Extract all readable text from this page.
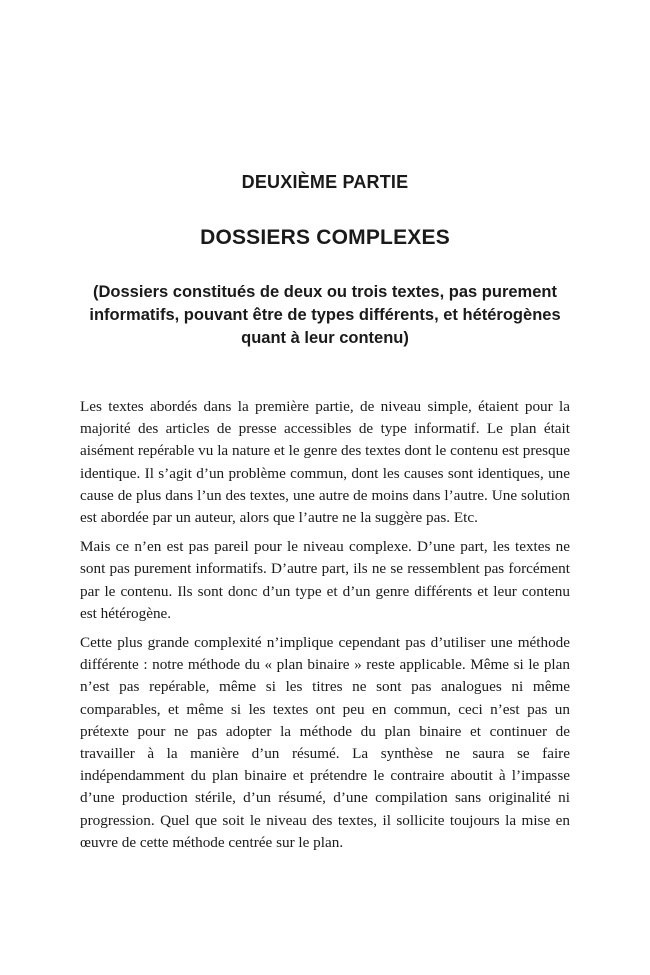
DEUXIÈME PARTIE
DOSSIERS COMPLEXES

(Dossiers constitués de deux ou trois textes, pas purement informatifs, pouvant être de types différents, et hétérogènes quant à leur contenu)

Les textes abordés dans la première partie, de niveau simple, étaient pour la majorité des articles de presse accessibles de type informatif. Le plan était aisément repérable vu la nature et le genre des textes dont le contenu est presque identique. Il s’agit d’un problème commun, dont les causes sont identiques, une cause de plus dans l’un des textes, une autre de moins dans l’autre. Une solution est abordée par un auteur, alors que l’autre ne la suggère pas. Etc.

Mais ce n’en est pas pareil pour le niveau complexe. D’une part, les textes ne sont pas purement informatifs. D’autre part, ils ne se ressemblent pas forcément par le contenu. Ils sont donc d’un type et d’un genre différents et leur contenu est hétérogène.

Cette plus grande complexité n’implique cependant pas d’utiliser une méthode différente : notre méthode du « plan binaire » reste applicable. Même si le plan n’est pas repérable, même si les titres ne sont pas analogues ni même comparables, et même si les textes ont peu en commun, ceci n’est pas un prétexte pour ne pas adopter la méthode du plan binaire et continuer de travailler à la manière d’un résumé. La synthèse ne saura se faire indépendamment du plan binaire et prétendre le contraire aboutit à l’impasse d’une production stérile, d’un résumé, d’une compilation sans originalité ni progression. Quel que soit le niveau des textes, il sollicite toujours la mise en œuvre de cette méthode centrée sur le plan.
